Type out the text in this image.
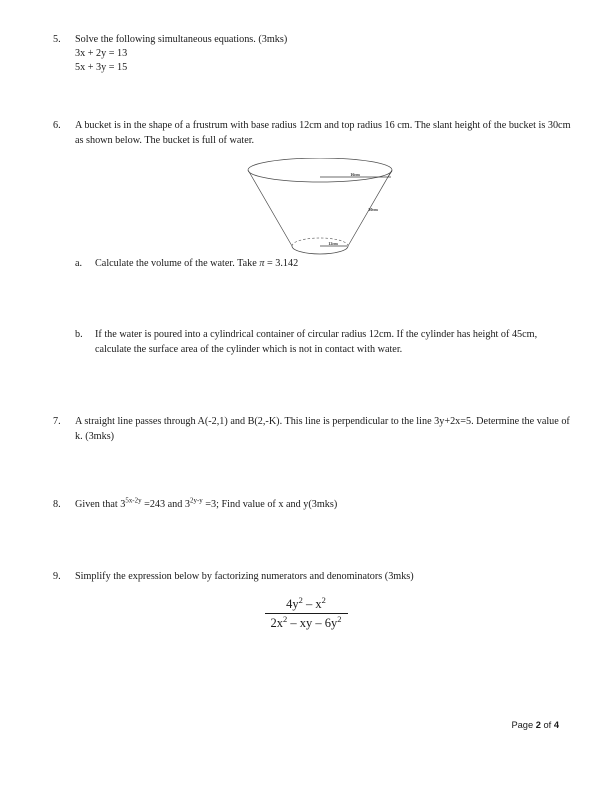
5.	Solve the following simultaneous equations. (3mks)
3x + 2y = 13
5x + 3y = 15
6.	A bucket is in the shape of a frustrum with base radius 12cm and top radius 16 cm. The slant height of the bucket is 30cm as shown below. The bucket is full of water.
16cm
30cm
12cm
a.	Calculate the volume of the water. Take π = 3.142
b.	If the water is poured into a cylindrical container of circular radius 12cm. If the cylinder has height of 45cm, calculate the surface area of the cylinder which is not in contact with water.
7.	A straight line passes through A(-2,1) and B(2,-K). This line is perpendicular to the line 3y+2x=5. Determine the value of k. (3mks)
8.	Given that $3^{5x-2y} =243$ and $3^{2y-y} =3$; Find value of x and y(3mks)
9.	Simplify the expression below by factorizing numerators and denominators (3mks)
$\frac{4y^2 - x^2}{2x^2 - xy - 6y^2}$
Page 2 of 4
